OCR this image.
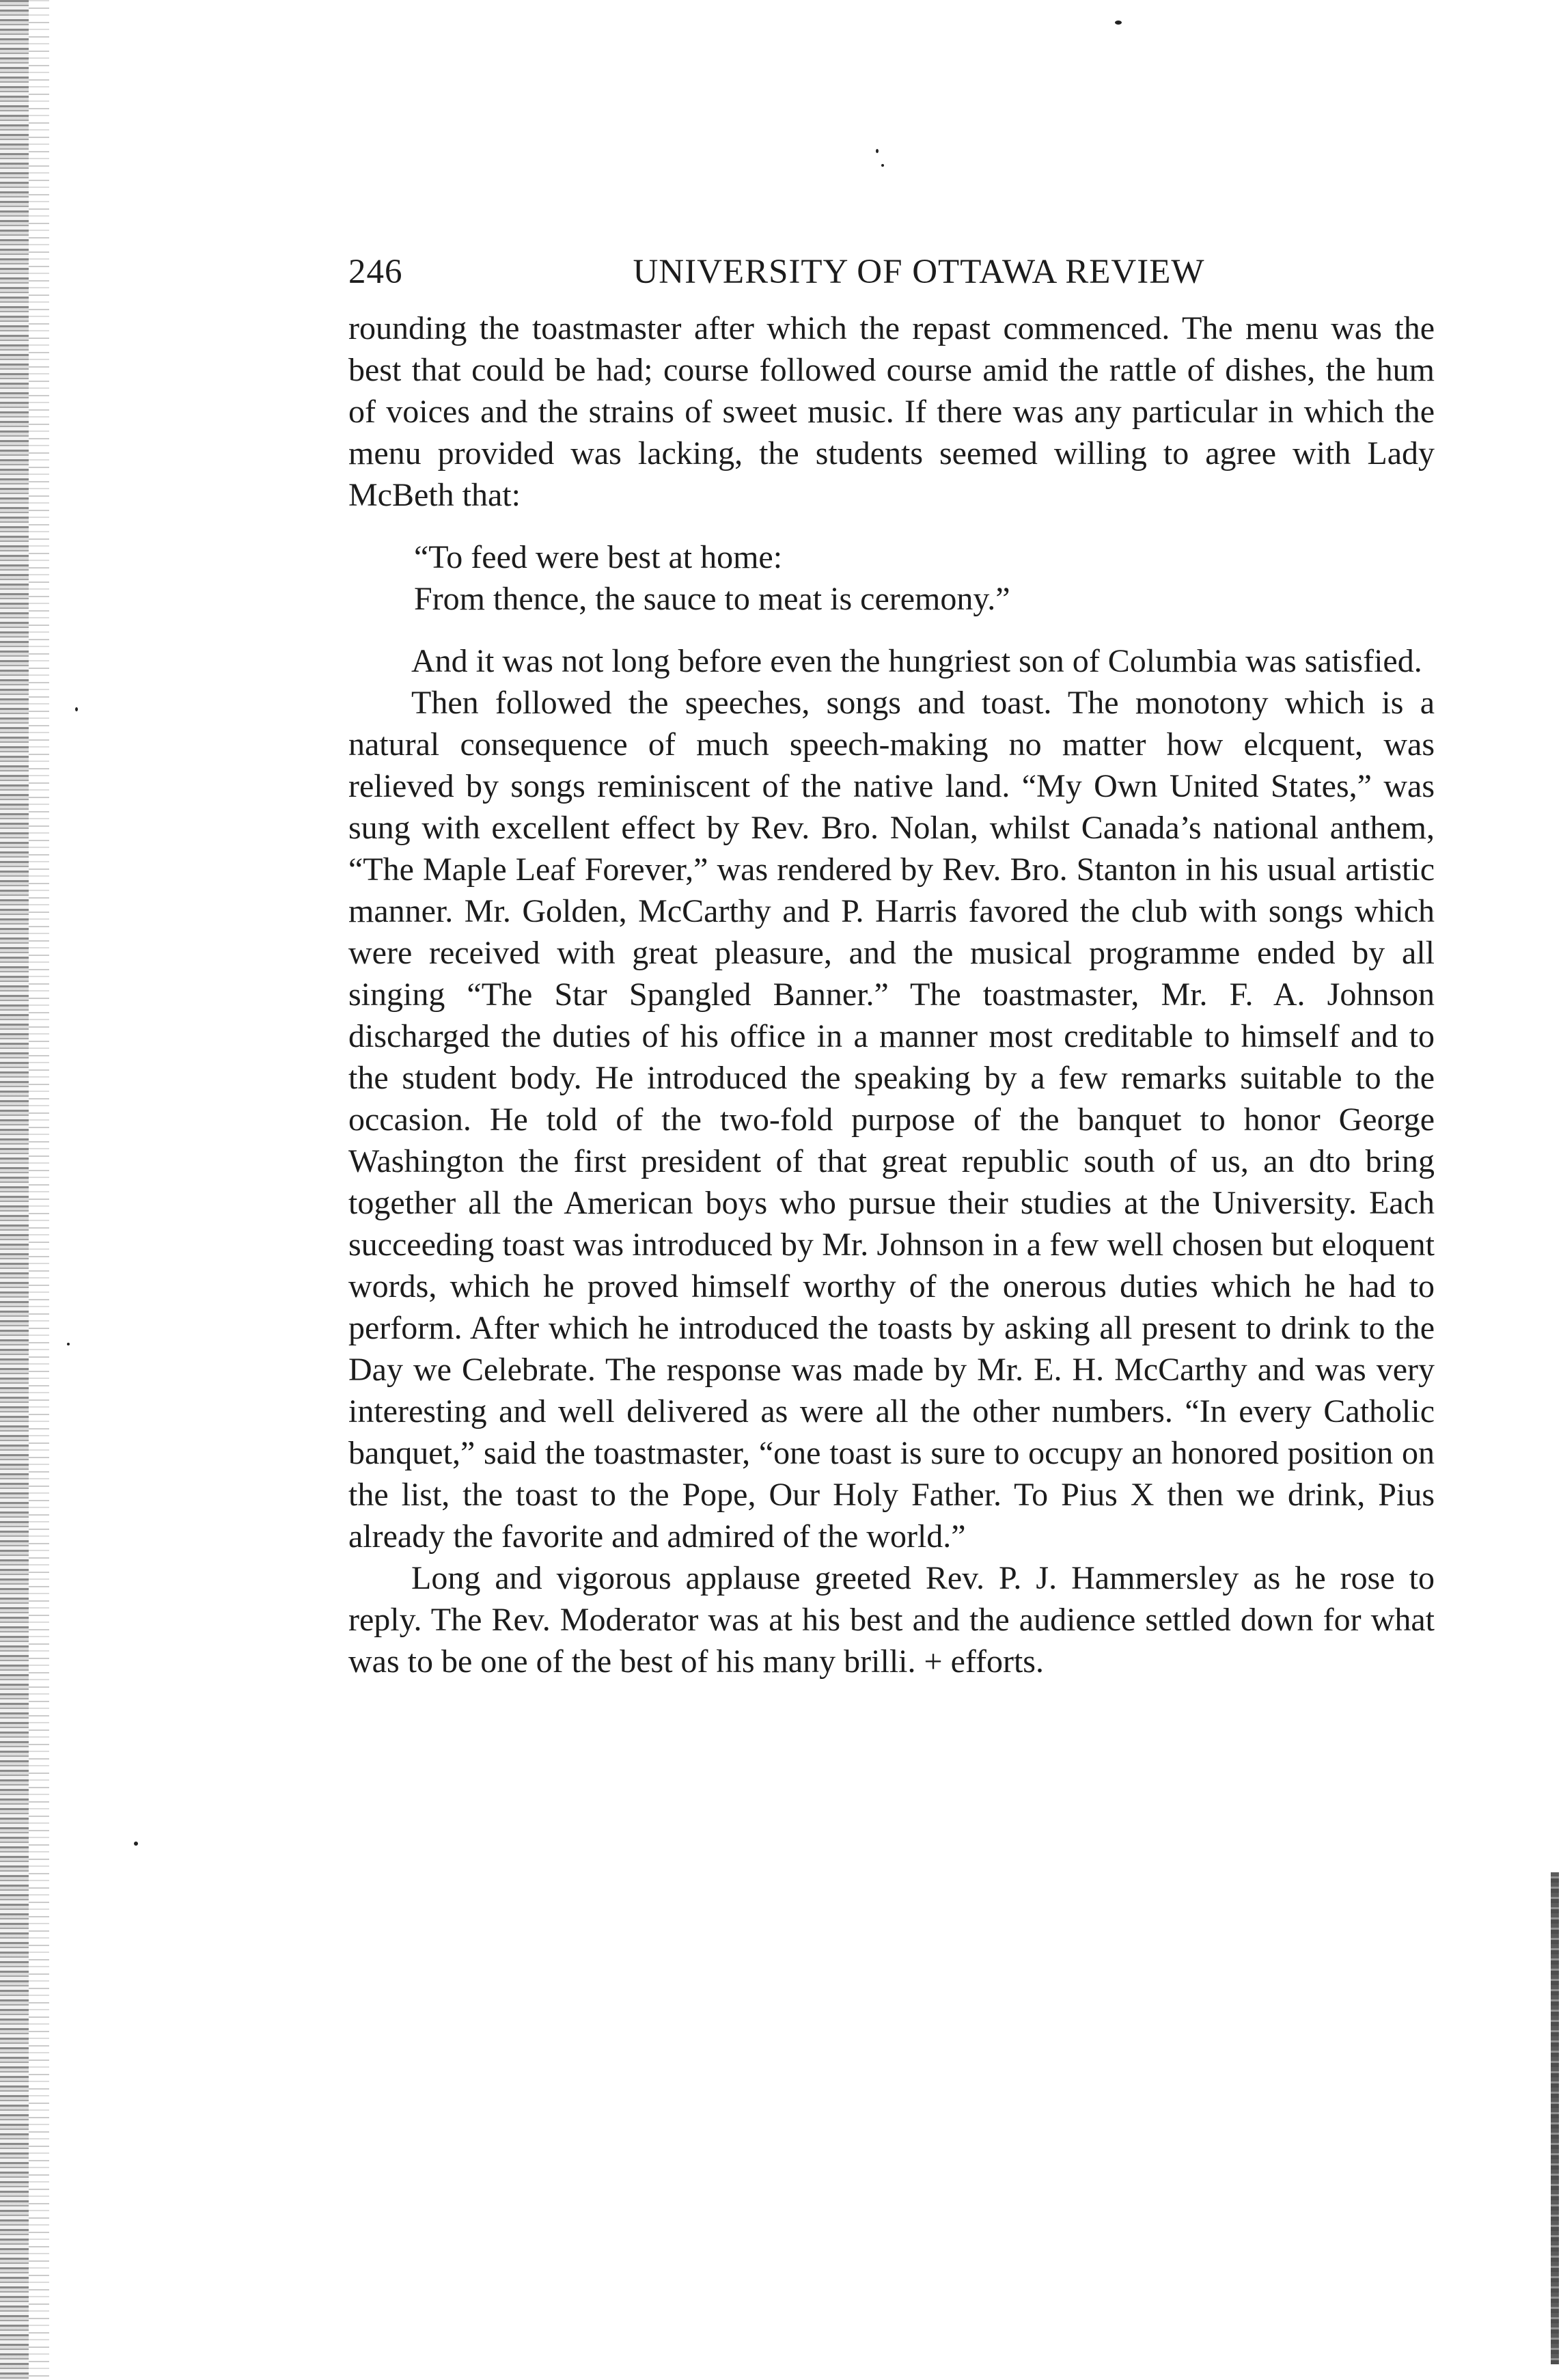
246	UNIVERSITY OF OTTAWA REVIEW

rounding the toastmaster after which the repast commenced. The menu was the best that could be had; course followed course amid the rattle of dishes, the hum of voices and the strains of sweet music. If there was any particular in which the menu provided was lacking, the students seemed willing to agree with Lady McBeth that:

“To feed were best at home:
From thence, the sauce to meat is ceremony.”

And it was not long before even the hungriest son of Columbia was satisfied.

Then followed the speeches, songs and toast. The monotony which is a natural consequence of much speech-making no matter how elcquent, was relieved by songs reminiscent of the native land. “My Own United States,” was sung with excellent effect by Rev. Bro. Nolan, whilst Canada’s national anthem, “The Maple Leaf Forever,” was rendered by Rev. Bro. Stanton in his usual artistic manner. Mr. Golden, McCarthy and P. Harris favored the club with songs which were received with great pleasure, and the musical programme ended by all singing “The Star Spangled Banner.” The toastmaster, Mr. F. A. Johnson discharged the duties of his office in a manner most creditable to himself and to the student body. He introduced the speaking by a few remarks suitable to the occasion. He told of the two-fold purpose of the banquet to honor George Washington the first president of that great republic south of us, an dto bring together all the American boys who pursue their studies at the University. Each succeeding toast was introduced by Mr. Johnson in a few well chosen but eloquent words, which he proved himself worthy of the onerous duties which he had to perform. After which he introduced the toasts by asking all present to drink to the Day we Celebrate. The response was made by Mr. E. H. McCarthy and was very interesting and well delivered as were all the other numbers. “In every Catholic banquet,” said the toastmaster, “one toast is sure to occupy an honored position on the list, the toast to the Pope, Our Holy Father. To Pius X then we drink, Pius already the favorite and admired of the world.”

Long and vigorous applause greeted Rev. P. J. Hammersley as he rose to reply. The Rev. Moderator was at his best and the audience settled down for what was to be one of the best of his many brilli. + efforts.
